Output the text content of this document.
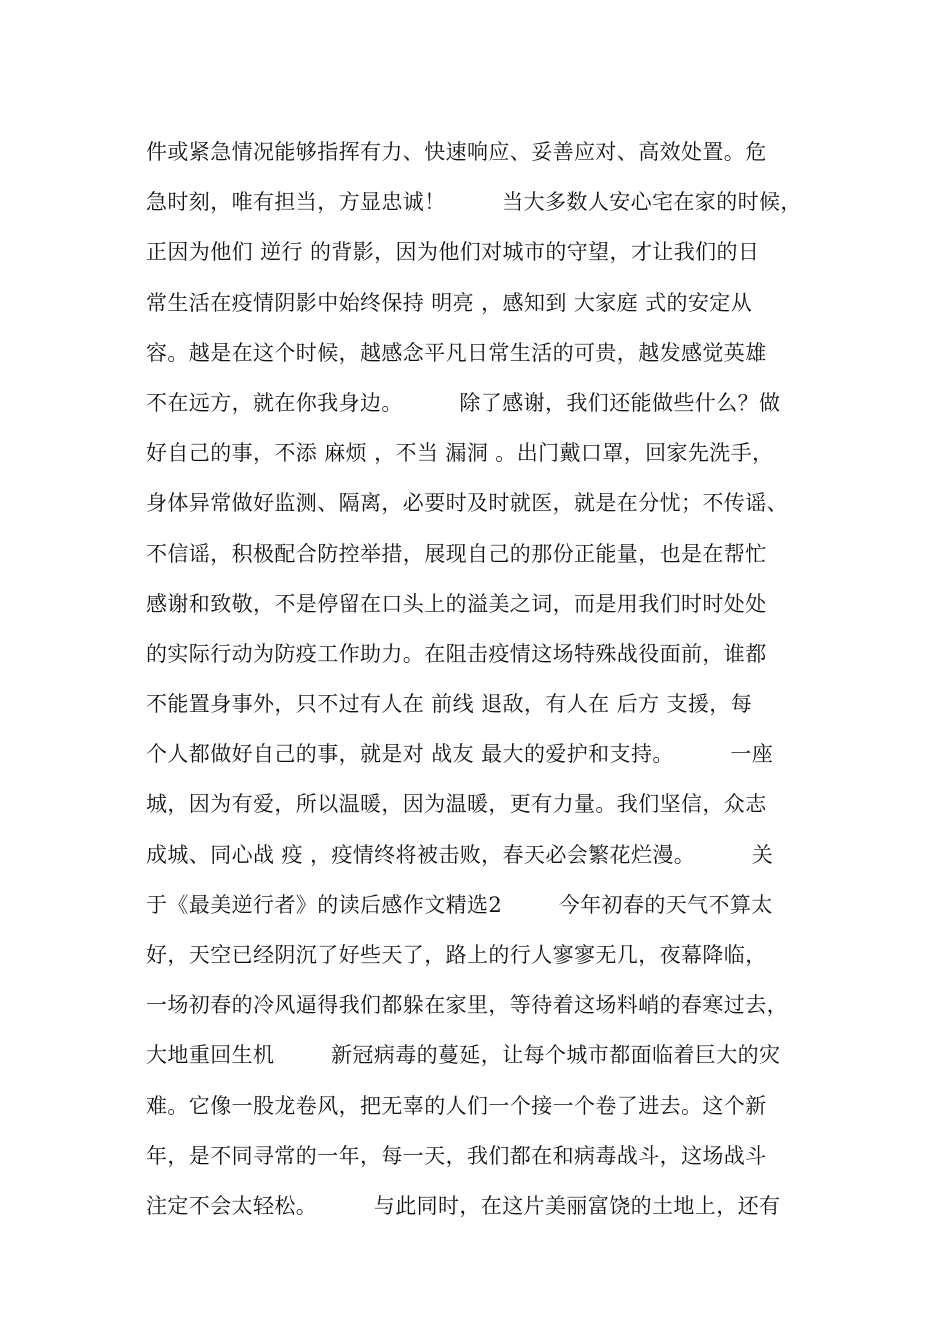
件或紧急情况能够指挥有力、快速响应、妥善应对、高效处置。危
急时刻，唯有担当，方显忠诚！        当大多数人安心宅在家的时候，
正因为他们 逆行 的背影，因为他们对城市的守望，才让我们的日
常生活在疫情阴影中始终保持 明亮 ，感知到 大家庭 式的安定从
容。越是在这个时候，越感念平凡日常生活的可贵，越发感觉英雄
不在远方，就在你我身边。        除了感谢，我们还能做些什么？做
好自己的事，不添 麻烦 ，不当 漏洞 。出门戴口罩，回家先洗手，
身体异常做好监测、隔离，必要时及时就医，就是在分忧；不传谣、
不信谣，积极配合防控举措，展现自己的那份正能量，也是在帮忙
感谢和致敬，不是停留在口头上的溢美之词，而是用我们时时处处
的实际行动为防疫工作助力。在阻击疫情这场特殊战役面前，谁都
不能置身事外，只不过有人在 前线 退敌，有人在 后方 支援，每
个人都做好自己的事，就是对 战友 最大的爱护和支持。        一座
城，因为有爱，所以温暖，因为温暖，更有力量。我们坚信，众志
成城、同心战 疫 ，疫情终将被击败，春天必会繁花烂漫。        关
于《最美逆行者》的读后感作文精选2        今年初春的天气不算太
好，天空已经阴沉了好些天了，路上的行人寥寥无几，夜幕降临，
一场初春的冷风逼得我们都躲在家里，等待着这场料峭的春寒过去，
大地重回生机        新冠病毒的蔓延，让每个城市都面临着巨大的灾
难。它像一股龙卷风，把无辜的人们一个接一个卷了进去。这个新
年，是不同寻常的一年，每一天，我们都在和病毒战斗，这场战斗
注定不会太轻松。        与此同时，在这片美丽富饶的土地上，还有
